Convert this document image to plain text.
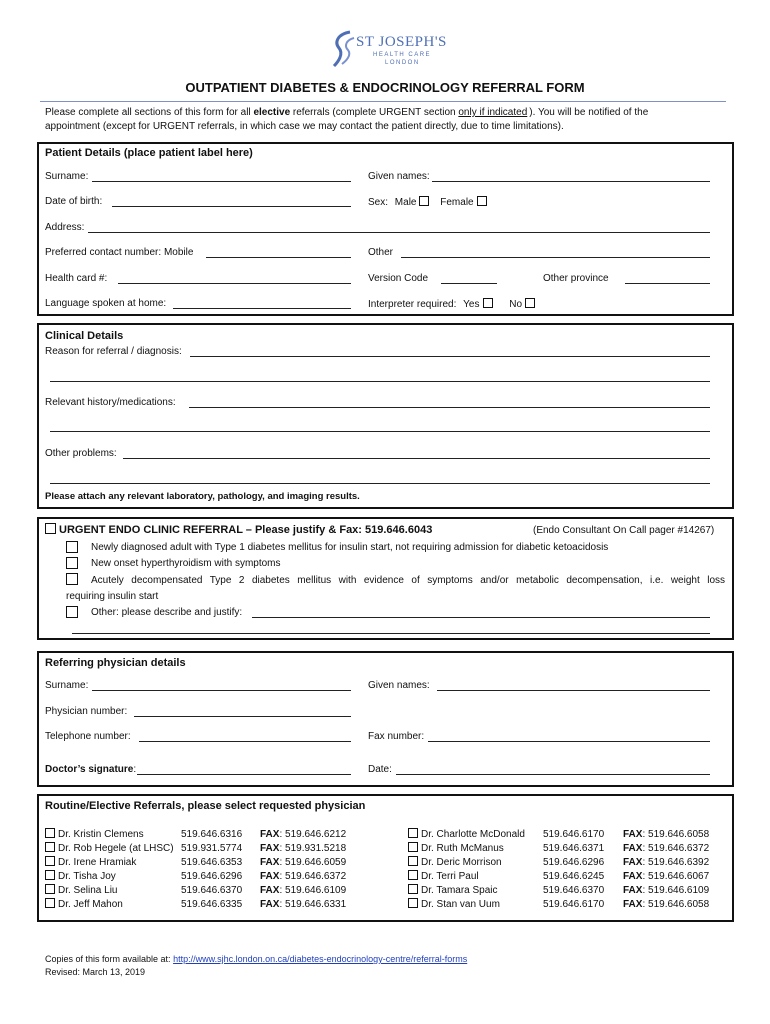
ST JOSEPH'S
HEALTH CARE
LONDON
OUTPATIENT DIABETES & ENDOCRINOLOGY REFERRAL FORM
Please complete all sections of this form for all elective referrals (complete URGENT section only if indicated ). You will be notified of the
appointment (except for URGENT referrals, in which case we may contact the patient directly, due to time limitations).
Patient Details (place patient label here)
Surname:	Given names:
Date of birth:	Sex: Male Female
Address:
Preferred contact number: Mobile	Other
Health card #:	Version Code	Other province
Language spoken at home:	Interpreter required: Yes	No
Clinical Details
Reason for referral / diagnosis:
Relevant history/medications:
Other problems:
Please attach any relevant laboratory, pathology, and imaging results.
URGENT ENDO CLINIC REFERRAL – Please justify & Fax: 519.646.6043	(Endo Consultant On Call pager #14267)
Newly diagnosed adult with Type 1 diabetes mellitus for insulin start, not requiring admission for diabetic ketoacidosis
New onset hyperthyroidism with symptoms
Acutely decompensated Type 2 diabetes mellitus with evidence of symptoms and/or metabolic decompensation, i.e. weight loss
requiring insulin start
Other: please describe and justify:
Referring physician details
Surname:	Given names:
Physician number:
Telephone number:	Fax number:
Doctor’s signature:	Date:
Routine/Elective Referrals, please select requested physician
Dr. Kristin Clemens	519.646.6316 FAX: 519.646.6212
Dr. Rob Hegele (at LHSC) 519.931.5774 FAX: 519.931.5218
Dr. Irene Hramiak	519.646.6353 FAX: 519.646.6059
Dr. Tisha Joy	519.646.6296 FAX: 519.646.6372
Dr. Selina Liu	519.646.6370 FAX: 519.646.6109
Dr. Jeff Mahon	519.646.6335 FAX: 519.646.6331
Dr. Charlotte McDonald 519.646.6170 FAX: 519.646.6058
Dr. Ruth McManus	519.646.6371 FAX: 519.646.6372
Dr. Deric Morrison	519.646.6296 FAX: 519.646.6392
Dr. Terri Paul	519.646.6245 FAX: 519.646.6067
Dr. Tamara Spaic	519.646.6370 FAX: 519.646.6109
Dr. Stan van Uum	519.646.6170 FAX: 519.646.6058
Copies of this form available at: http://www.sjhc.london.on.ca/diabetes-endocrinology-centre/referral-forms
Revised: March 13, 2019
